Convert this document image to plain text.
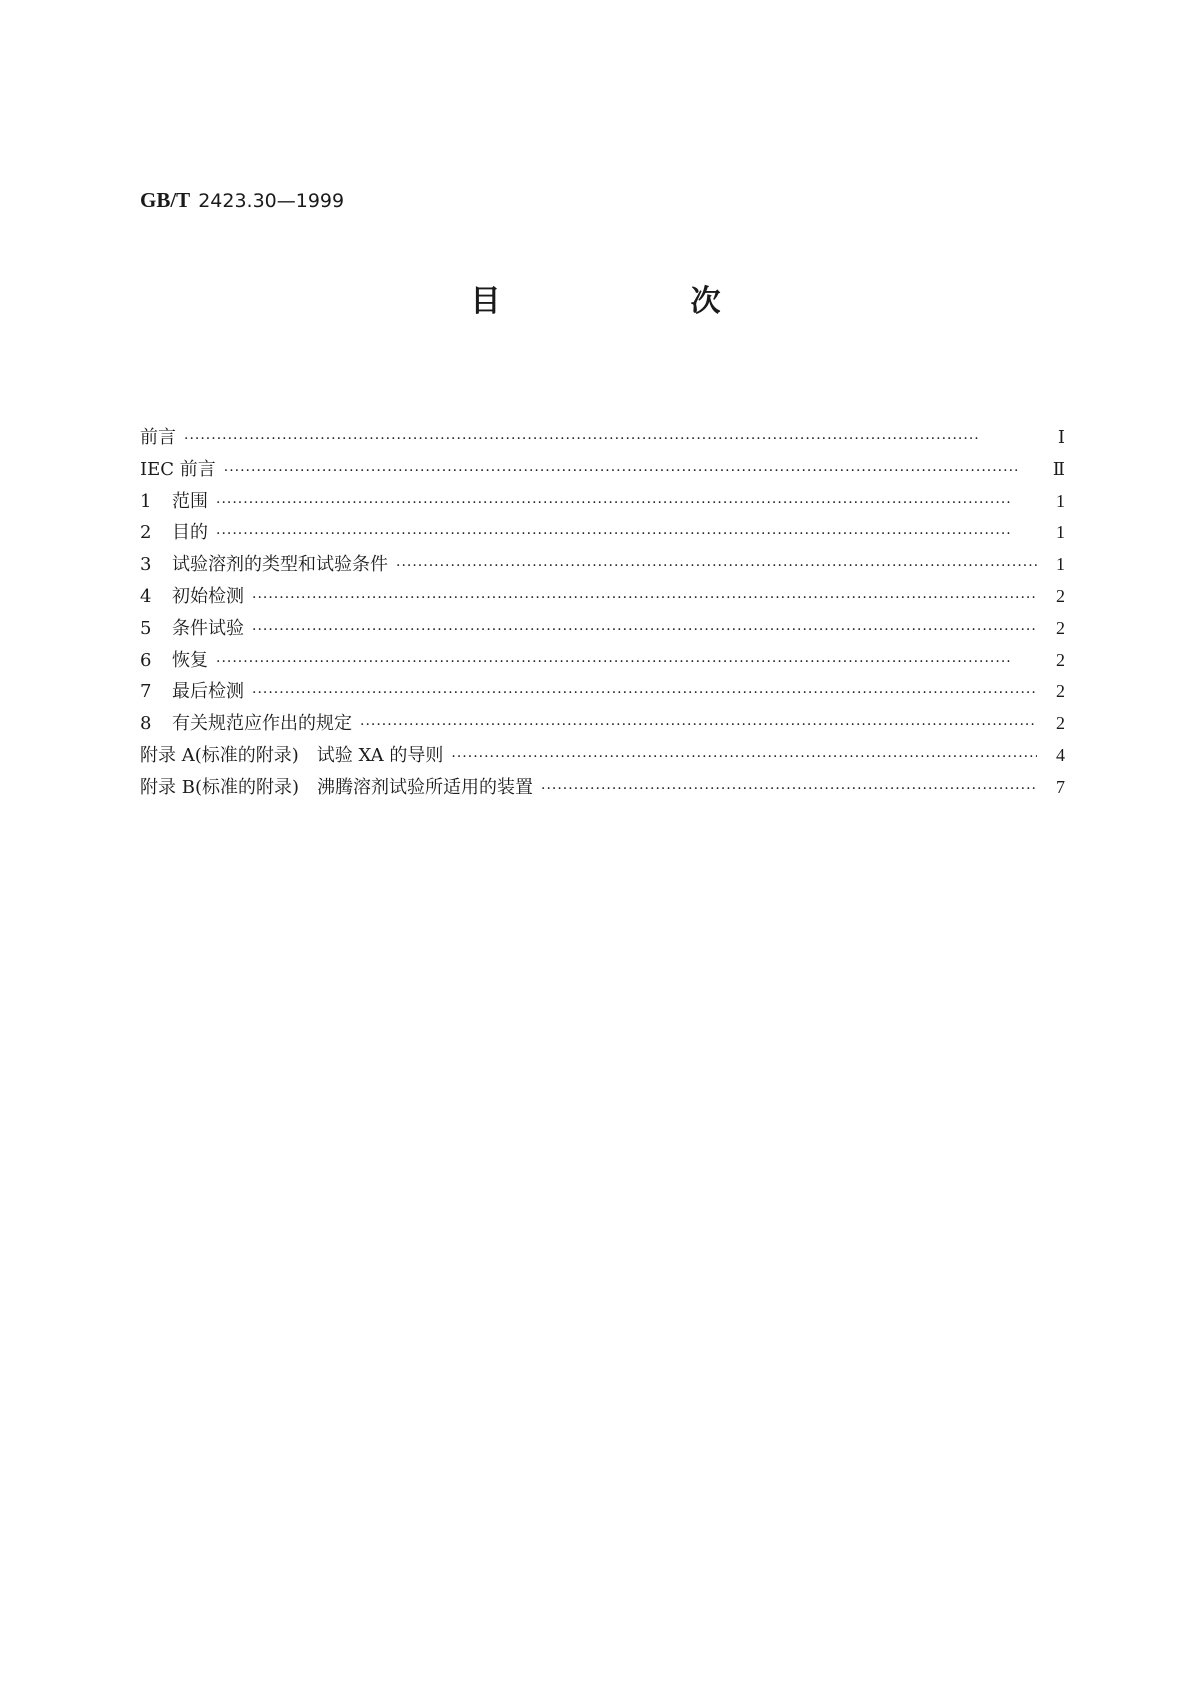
GB/T 2423.30—1999
目　次
前言 ·····	Ⅰ
IEC 前言 ·····	Ⅱ
1	范围 ·····	1
2	目的 ·····	1
3	试验溶剂的类型和试验条件 ·····	1
4	初始检测 ·····	2
5	条件试验 ·····	2
6	恢复 ·····	2
7	最后检测 ·····	2
8	有关规范应作出的规定 ·····	2
附录 A(标准的附录)　试验 XA 的导则 ·····	4
附录 B(标准的附录)　沸腾溶剂试验所适用的装置 ·····	7
